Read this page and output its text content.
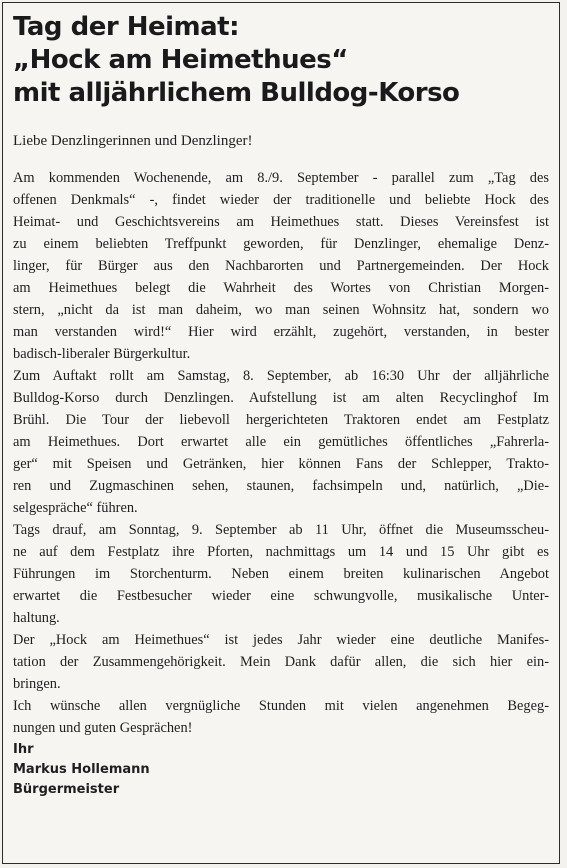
Tag der Heimat:
„Hock am Heimethues“
mit alljährlichem Bulldog-Korso
Liebe Denzlingerinnen und Denzlinger!
Am kommenden Wochenende, am 8./9. September - parallel zum „Tag des
offenen Denkmals“ -, findet wieder der traditionelle und beliebte Hock des
Heimat- und Geschichtsvereins am Heimethues statt. Dieses Vereinsfest ist
zu einem beliebten Treffpunkt geworden, für Denzlinger, ehemalige Denz-
linger, für Bürger aus den Nachbarorten und Partnergemeinden. Der Hock
am Heimethues belegt die Wahrheit des Wortes von Christian Morgen-
stern, „nicht da ist man daheim, wo man seinen Wohnsitz hat, sondern wo
man verstanden wird!“ Hier wird erzählt, zugehört, verstanden, in bester
badisch-liberaler Bürgerkultur.
Zum Auftakt rollt am Samstag, 8. September, ab 16:30 Uhr der alljährliche
Bulldog-Korso durch Denzlingen. Aufstellung ist am alten Recyclinghof Im
Brühl. Die Tour der liebevoll hergerichteten Traktoren endet am Festplatz
am Heimethues. Dort erwartet alle ein gemütliches öffentliches „Fahrerla-
ger“ mit Speisen und Getränken, hier können Fans der Schlepper, Trakto-
ren und Zugmaschinen sehen, staunen, fachsimpeln und, natürlich, „Die-
selgespräche“ führen.
Tags drauf, am Sonntag, 9. September ab 11 Uhr, öffnet die Museumsscheu-
ne auf dem Festplatz ihre Pforten, nachmittags um 14 und 15 Uhr gibt es
Führungen im Storchenturm. Neben einem breiten kulinarischen Angebot
erwartet die Festbesucher wieder eine schwungvolle, musikalische Unter-
haltung.
Der „Hock am Heimethues“ ist jedes Jahr wieder eine deutliche Manifes-
tation der Zusammengehörigkeit. Mein Dank dafür allen, die sich hier ein-
bringen.
Ich wünsche allen vergnügliche Stunden mit vielen angenehmen Begeg-
nungen und guten Gesprächen!
Ihr
Markus Hollemann
Bürgermeister
